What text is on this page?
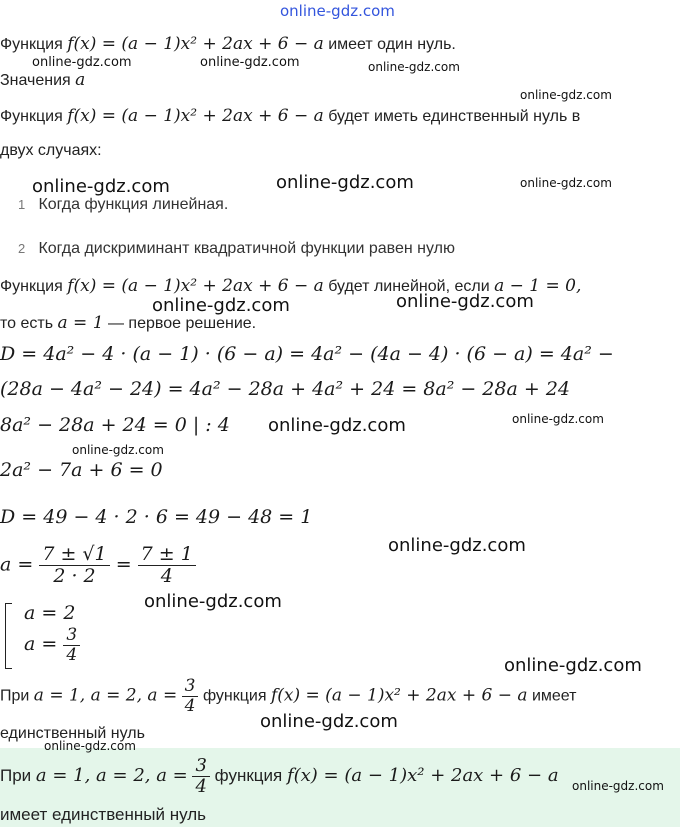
online-gdz.com
Функция f(x) = (a − 1)x² + 2ax + 6 − a имеет один нуль.
Значения a
Функция f(x) = (a − 1)x² + 2ax + 6 − a будет иметь единственный нуль в
двух случаях:
1 Когда функция линейная.
2 Когда дискриминант квадратичной функции равен нулю
Функция f(x) = (a − 1)x² + 2ax + 6 − a будет линейной, если a − 1 = 0,
то есть a = 1 — первое решение.
D = 4a² − 4 · (a − 1) · (6 − a) = 4a² − (4a − 4) · (6 − a) = 4a² −
(28a − 4a² − 24) = 4a² − 28a + 4a² + 24 = 8a² − 28a + 24
8a² − 28a + 24 = 0 | : 4
2a² − 7a + 6 = 0
D = 49 − 4 · 2 · 6 = 49 − 48 = 1
$a = \frac{7 \pm √1}{2 \cdot 2} = \frac{7 \pm 1}{4}$
a = 2
$a = \frac{3}{4}$
При a = 1, a = 2, $a = \frac{3}{4}$ функция f(x) = (a − 1)x² + 2ax + 6 − a имеет
единственный нуль
При a = 1, a = 2, $a = \frac{3}{4}$ функция f(x) = (a − 1)x² + 2ax + 6 − a
имеет единственный нуль
online-gdz.com	online-gdz.com	online-gdz.com
online-gdz.com
online-gdz.com	online-gdz.com	online-gdz.com
online-gdz.com	online-gdz.com
online-gdz.com
online-gdz.com
online-gdz.com
online-gdz.com
online-gdz.com
online-gdz.com
online-gdz.com
online-gdz.com
online-gdz.com
